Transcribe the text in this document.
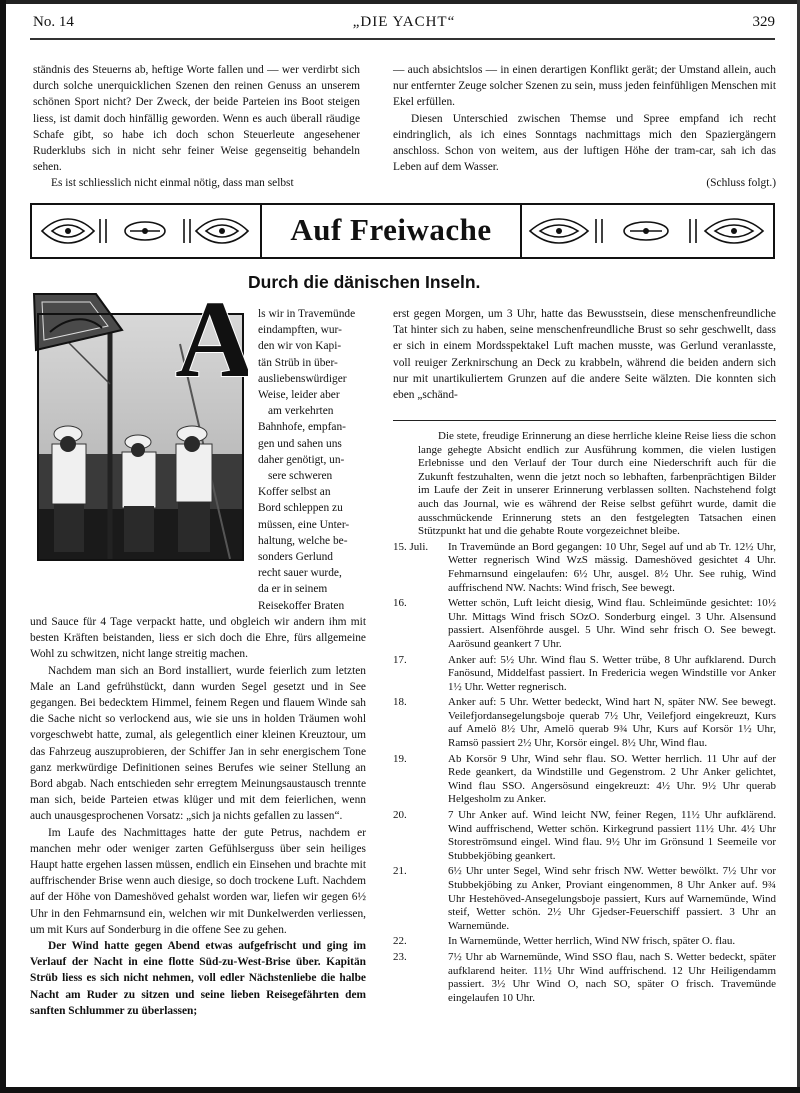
No. 14	„DIE YACHT“	329

ständnis des Steuerns ab, heftige Worte fallen und — wer verdirbt sich durch solche unerquicklichen Szenen den reinen Genuss an unserem schönen Sport nicht? Der Zweck, der beide Parteien ins Boot steigen liess, ist damit doch hinfällig geworden. Wenn es auch überall räudige Schafe gibt, so habe ich doch schon Steuerleute angesehener Ruderklubs sich in nicht sehr feiner Weise gegenseitig behandeln sehen.

Es ist schliesslich nicht einmal nötig, dass man selbst

— auch absichtslos — in einen derartigen Konflikt gerät; der Umstand allein, auch nur entfernter Zeuge solcher Szenen zu sein, muss jeden feinfühligen Menschen mit Ekel erfüllen.

Diesen Unterschied zwischen Themse und Spree empfand ich recht eindringlich, als ich eines Sonntags nachmittags mich den Spaziergängern anschloss. Schon von weitem, aus der luftigen Höhe der tram-car, sah ich das Leben auf dem Wasser.

(Schluss folgt.)

Auf Freiwache
Durch die dänischen Inseln.
A ls wir in Travemünde
eindampften, wur-
den wir von Kapi-
tän Strüb in über-
ausliebenswürdiger
Weise, leider aber
am verkehrten
Bahnhofe, empfan-
gen und sahen uns
daher genötigt, un-
sere schweren
Koffer selbst an
Bord schleppen zu
müssen, eine Unter-
haltung, welche be-
sonders Gerlund
recht sauer wurde,
da er in seinem
Reisekoffer Braten

und Sauce für 4 Tage verpackt hatte, und obgleich wir andern ihm mit besten Kräften beistanden, liess er sich doch die Ehre, fürs allgemeine Wohl zu schwitzen, nicht lange streitig machen.

Nachdem man sich an Bord installiert, wurde feierlich zum letzten Male an Land gefrühstückt, dann wurden Segel gesetzt und in See gegangen. Bei bedecktem Himmel, feinem Regen und flauem Winde sah die Sache nicht so verlockend aus, wie sie uns in holden Träumen wohl vorgeschwebt hatte, zumal, als gelegentlich einer kleinen Kreuztour, um das Fahrzeug auszuprobieren, der Schiffer Jan in sehr energischem Tone ganz merkwürdige Definitionen seines Berufes wie seiner Stellung an Bord abgab. Nach entschieden sehr erregtem Meinungsaustausch trennte man sich, beide Parteien etwas klüger und mit dem feierlichen, wenn auch unausgesprochenen Vorsatz: „sich ja nichts gefallen zu lassen“.

Im Laufe des Nachmittages hatte der gute Petrus, nachdem er manchen mehr oder weniger zarten Gefühlserguss über sein heiliges Haupt hatte ergehen lassen müssen, endlich ein Einsehen und brachte mit auffrischender Brise wenn auch diesige, so doch trockene Luft. Nachdem auf der Höhe von Dameshöved gehalst worden war, liefen wir gegen 6½ Uhr in den Fehmarnsund ein, welchen wir mit Dunkelwerden verliessen, um mit Kurs auf Sonderburg in die offene See zu gehen.

Der Wind hatte gegen Abend etwas aufgefrischt und ging im Verlauf der Nacht in eine flotte Süd-zu-West-Brise über. Kapitän Strüb liess es sich nicht nehmen, voll edler Nächstenliebe die halbe Nacht am Ruder zu sitzen und seine lieben Reisegefährten dem sanften Schlummer zu überlassen;

erst gegen Morgen, um 3 Uhr, hatte das Bewusstsein, diese menschenfreundliche Tat hinter sich zu haben, seine menschenfreundliche Brust so sehr geschwellt, dass er sich in einem Mordsspektakel Luft machen musste, was Gerlund veranlasste, voll reuiger Zerknirschung an Deck zu krabbeln, während die beiden andern sich nur mit unartikuliertem Grunzen auf die andere Seite wälzten. Die konnten sich eben „schänd-

Die stete, freudige Erinnerung an diese herrliche kleine Reise liess die schon lange gehegte Absicht endlich zur Ausführung kommen, die vielen lustigen Erlebnisse und den Verlauf der Tour durch eine Niederschrift auch für die Zukunft festzuhalten, wenn die jetzt noch so lebhaften, farbenprächtigen Bilder im Laufe der Zeit in unserer Erinnerung verblassen sollten. Nachstehend folgt auch das Journal, wie es während der Reise selbst geführt wurde, damit die ausschmückende Erinnerung stets an den festgelegten Tatsachen einen Stützpunkt hat und die gehabte Route vorgezeichnet bleibe.

15. Juli. In Travemünde an Bord gegangen: 10 Uhr, Segel auf und ab Tr. 12½ Uhr, Wetter regnerisch Wind WzS mässig. Dameshöved gesichtet 4 Uhr. Fehmarnsund eingelaufen: 6½ Uhr, ausgel. 8½ Uhr. See ruhig, Wind auffrischend NW. Nachts: Wind frisch, See bewegt.
16.	Wetter schön, Luft leicht diesig, Wind flau. Schleimünde gesichtet: 10½ Uhr. Mittags Wind frisch SOzO. Sonderburg eingel. 3 Uhr. Alsensund passiert. Alsenföhrde ausgel. 5 Uhr. Wind sehr frisch O. See bewegt. Aarösund geankert 7 Uhr.
17.	Anker auf: 5½ Uhr. Wind flau S. Wetter trübe, 8 Uhr aufklarend. Durch Fanösund, Middelfast passiert. In Fredericia wegen Windstille vor Anker 1½ Uhr. Wetter regnerisch.
18.	Anker auf: 5 Uhr. Wetter bedeckt, Wind hart N, später NW. See bewegt. Veilefjordansegelungsboje querab 7½ Uhr, Veilefjord eingekreuzt, Kurs auf Amelö 8½ Uhr, Amelö querab 9¾ Uhr, Kurs auf Korsör 1½ Uhr, Ramsö passiert 2½ Uhr, Korsör eingel. 8½ Uhr, Wind flau.
19.	Ab Korsör 9 Uhr, Wind sehr flau. SO. Wetter herrlich. 11 Uhr auf der Rede geankert, da Windstille und Gegenstrom. 2 Uhr Anker gelichtet, Wind flau SSO. Angersösund eingekreuzt: 4½ Uhr. 9½ Uhr querab Helgesholm zu Anker.
20.	7 Uhr Anker auf. Wind leicht NW, feiner Regen, 11½ Uhr aufklärend. Wind auffrischend, Wetter schön. Kirkegrund passiert 11½ Uhr. 4½ Uhr Storeströmsund eingel. Wind flau. 9½ Uhr im Grönsund 1 Seemeile vor Stubbekjöbing geankert.
21.	6½ Uhr unter Segel, Wind sehr frisch NW. Wetter bewölkt. 7½ Uhr vor Stubbekjöbing zu Anker, Proviant eingenommen, 8 Uhr Anker auf. 9¾ Uhr Hestehöved-Ansegelungsboje passiert, Kurs auf Warnemünde, Wind steif, Wetter schön. 2½ Uhr Gjedser-Feuerschiff passiert. 3 Uhr an Warnemünde.
22.	In Warnemünde, Wetter herrlich, Wind NW frisch, später O. flau.
23.	7½ Uhr ab Warnemünde, Wind SSO flau, nach S. Wetter bedeckt, später aufklarend heiter. 11½ Uhr Wind auffrischend. 12 Uhr Heiligendamm passiert. 3½ Uhr Wind O, nach SO, später O frisch. Travemünde eingelaufen 10 Uhr.
